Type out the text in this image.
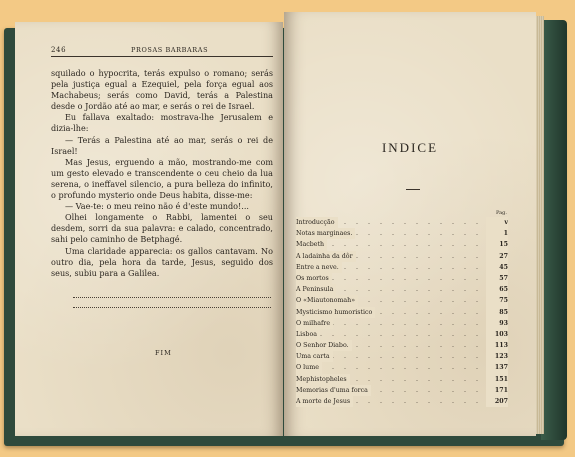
246	PROSAS BARBARAS

squilado o hypocrita, terás expulso o romano; serás pela justiça egual a Ezequiel, pela força egual aos Machabeus; serás como David, terás a Palestina desde o Jordão até ao mar, e serás o rei de Israel.

Eu fallava exaltado: mostrava-lhe Jerusalem e dizia-lhe:

— Terás a Palestina até ao mar, serás o rei de Israel!

Mas Jesus, erguendo a mão, mostrando-me com um gesto elevado e transcendente o ceu cheio da lua serena, o ineffavel silencio, a pura belleza do infinito, o profundo mysterio onde Deus habita, disse-me:

— Vae-te: o meu reino não é d'este mundo!...

Olhei longamente o Rabbi, lamentei o seu desdem, sorri da sua palavra: e calado, concentrado, sahi pelo caminho de Betphagé.

Uma claridade apparecia: os gallos cantavam. No outro dia, pela hora da tarde, Jesus, seguido dos seus, subiu para a Galilea.

FIM
INDICE
Pag.
. . .
Introducção	v
. . .
Notas marginaes.	1
. . .
Macbeth	15
. . .
A ladainha da dôr	27
. . .
Entre a neve.	45
. . .
Os mortos	57
. . .
A Peninsula	65
. . .
O «Miautonomah»	75
. . .
Mysticismo humoristico	85
. . .
O milhafre	93
. . .
Lisboa	103
. . .
O Senhor Diabo.	113
. . .
Uma carta	123
. . .
O lume	137
. . .
Mephistopheles	151
. . .
Memorias d'uma forca	171
. . .
A morte de Jesus	207
